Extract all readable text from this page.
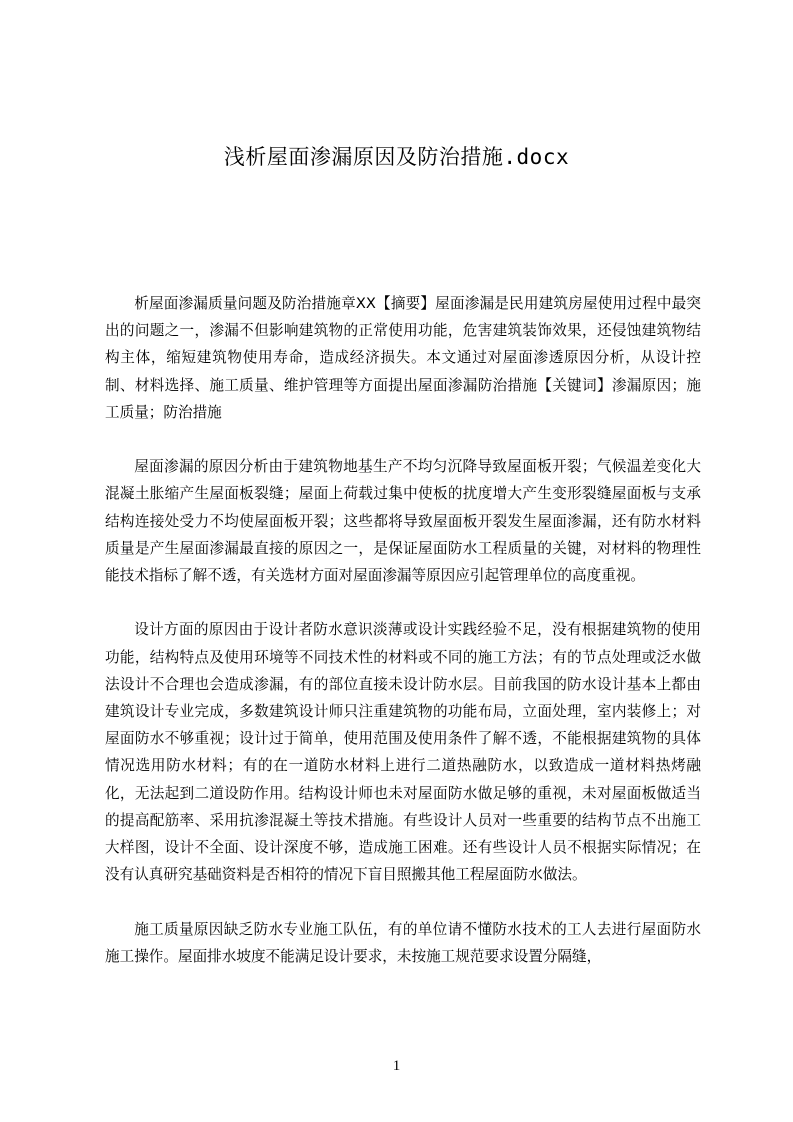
浅析屋面渗漏原因及防治措施.docx

析屋面渗漏质量问题及防治措施章XX【摘要】屋面渗漏是民用建筑房屋使用过程中最突出的问题之一，渗漏不但影响建筑物的正常使用功能，危害建筑装饰效果，还侵蚀建筑物结构主体，缩短建筑物使用寿命，造成经济损失。本文通过对屋面渗透原因分析，从设计控制、材料选择、施工质量、维护管理等方面提出屋面渗漏防治措施【关键词】渗漏原因；施工质量；防治措施

屋面渗漏的原因分析由于建筑物地基生产不均匀沉降导致屋面板开裂；气候温差变化大混凝土胀缩产生屋面板裂缝；屋面上荷载过集中使板的扰度增大产生变形裂缝屋面板与支承结构连接处受力不均使屋面板开裂；这些都将导致屋面板开裂发生屋面渗漏，还有防水材料质量是产生屋面渗漏最直接的原因之一，是保证屋面防水工程质量的关键，对材料的物理性能技术指标了解不透，有关选材方面对屋面渗漏等原因应引起管理单位的高度重视。

设计方面的原因由于设计者防水意识淡薄或设计实践经验不足，没有根据建筑物的使用功能，结构特点及使用环境等不同技术性的材料或不同的施工方法；有的节点处理或泛水做法设计不合理也会造成渗漏，有的部位直接未设计防水层。目前我国的防水设计基本上都由建筑设计专业完成，多数建筑设计师只注重建筑物的功能布局，立面处理，室内装修上；对屋面防水不够重视；设计过于简单，使用范围及使用条件了解不透，不能根据建筑物的具体情况选用防水材料；有的在一道防水材料上进行二道热融防水，以致造成一道材料热烤融化，无法起到二道设防作用。结构设计师也未对屋面防水做足够的重视，未对屋面板做适当的提高配筋率、采用抗渗混凝土等技术措施。有些设计人员对一些重要的结构节点不出施工大样图，设计不全面、设计深度不够，造成施工困难。还有些设计人员不根据实际情况；在没有认真研究基础资料是否相符的情况下盲目照搬其他工程屋面防水做法。

施工质量原因缺乏防水专业施工队伍，有的单位请不懂防水技术的工人去进行屋面防水施工操作。屋面排水坡度不能满足设计要求，未按施工规范要求设置分隔缝，

1
